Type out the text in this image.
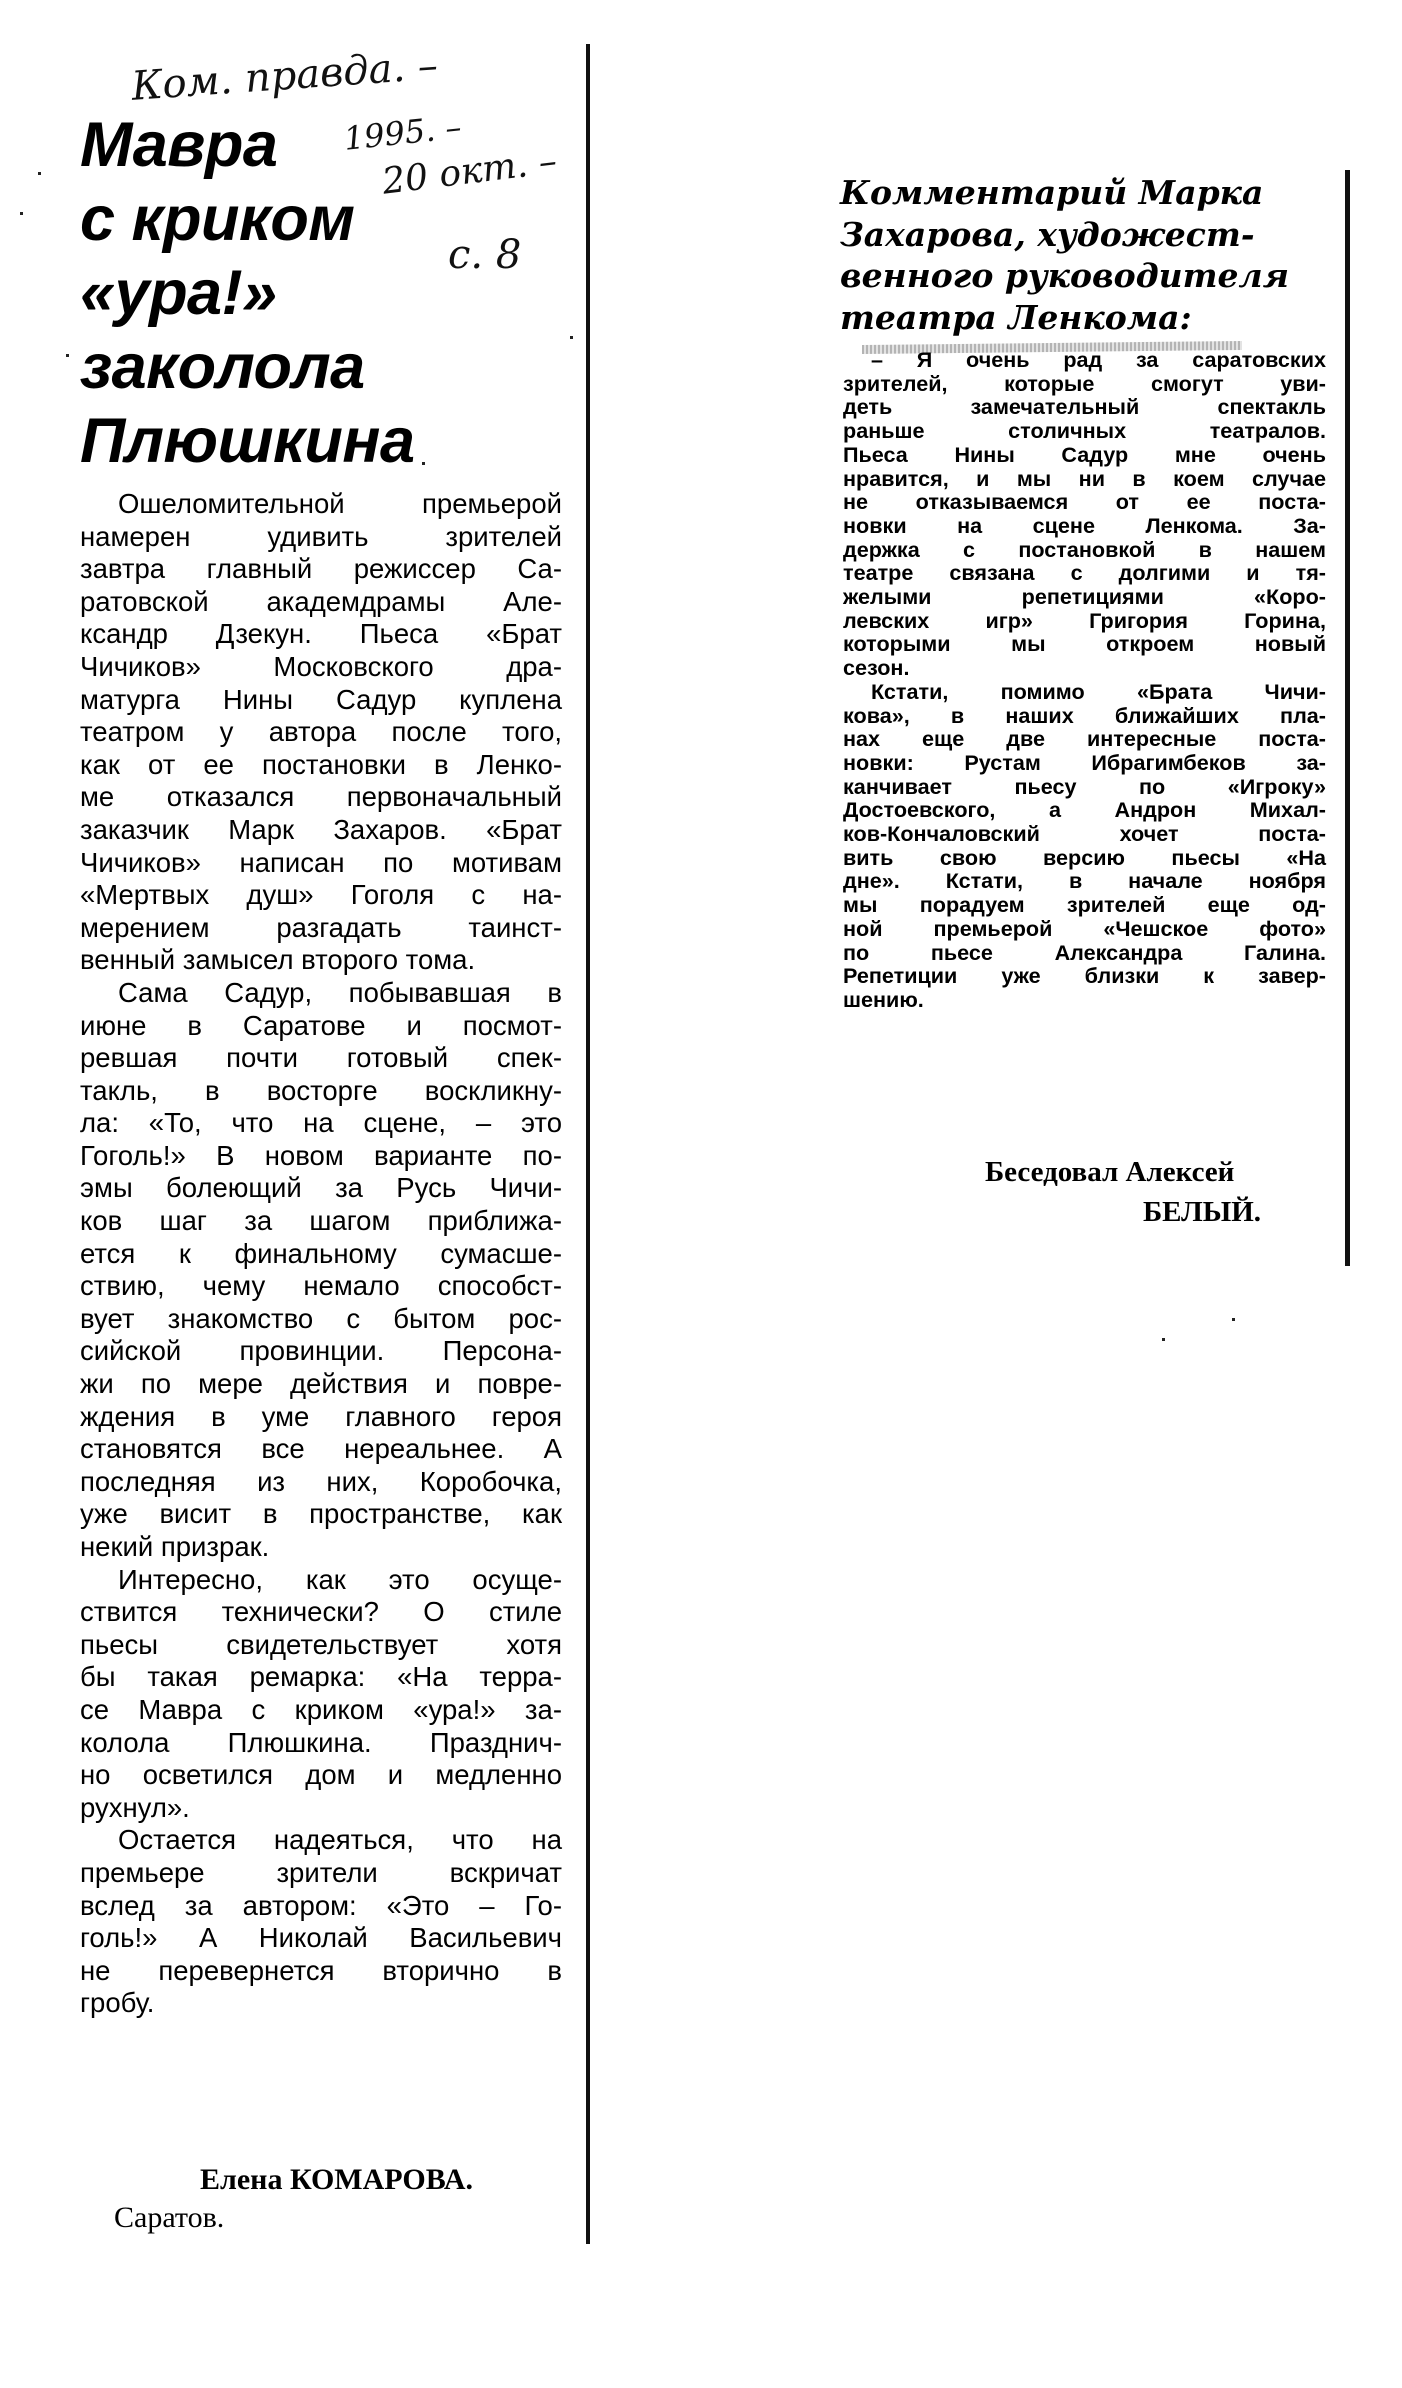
Ком. правда. –
1995. –
20 окт. –
с. 8
Мавра
с криком
«ура!»
заколола
Плюшкина
Ошеломительной премьерой
намерен удивить зрителей
завтра главный режиссер Са-
ратовской академдрамы Але-
ксандр Дзекун. Пьеса «Брат
Чичиков» Московского дра-
матурга Нины Садур куплена
театром у автора после того,
как от ее постановки в Ленко-
ме отказался первоначальный
заказчик Марк Захаров. «Брат
Чичиков» написан по мотивам
«Мертвых душ» Гоголя с на-
мерением разгадать таинст-
венный замысел второго тома.
Сама Садур, побывавшая в
июне в Саратове и посмот-
ревшая почти готовый спек-
такль, в восторге воскликну-
ла: «То, что на сцене, – это
Гоголь!» В новом варианте по-
эмы болеющий за Русь Чичи-
ков шаг за шагом приближа-
ется к финальному сумасше-
ствию, чему немало способст-
вует знакомство с бытом рос-
сийской провинции. Персона-
жи по мере действия и повре-
ждения в уме главного героя
становятся все нереальнее. А
последняя из них, Коробочка,
уже висит в пространстве, как
некий призрак.
Интересно, как это осуще-
ствится технически? О стиле
пьесы свидетельствует хотя
бы такая ремарка: «На терра-
се Мавра с криком «ура!» за-
колола Плюшкина. Празднич-
но осветился дом и медленно
рухнул».
Остается надеяться, что на
премьере зрители вскричат
вслед за автором: «Это – Го-
голь!» А Николай Васильевич
не перевернется вторично в
гробу.
Елена КОМАРОВА.
Саратов.
Комментарий Марка
Захарова, художест-
венного руководителя
театра Ленкома:
– Я очень рад за саратовских
зрителей, которые смогут уви-
деть замечательный спектакль
раньше столичных театралов.
Пьеса Нины Садур мне очень
нравится, и мы ни в коем случае
не отказываемся от ее поста-
новки на сцене Ленкома. За-
держка с постановкой в нашем
театре связана с долгими и тя-
желыми репетициями «Коро-
левских игр» Григория Горина,
которыми мы откроем новый
сезон.
Кстати, помимо «Брата Чичи-
кова», в наших ближайших пла-
нах еще две интересные поста-
новки: Рустам Ибрагимбеков за-
канчивает пьесу по «Игроку»
Достоевского, а Андрон Михал-
ков-Кончаловский хочет поста-
вить свою версию пьесы «На
дне». Кстати, в начале ноября
мы порадуем зрителей еще од-
ной премьерой «Чешское фото»
по пьесе Александра Галина.
Репетиции уже близки к завер-
шению.
Беседовал Алексей
БЕЛЫЙ.
